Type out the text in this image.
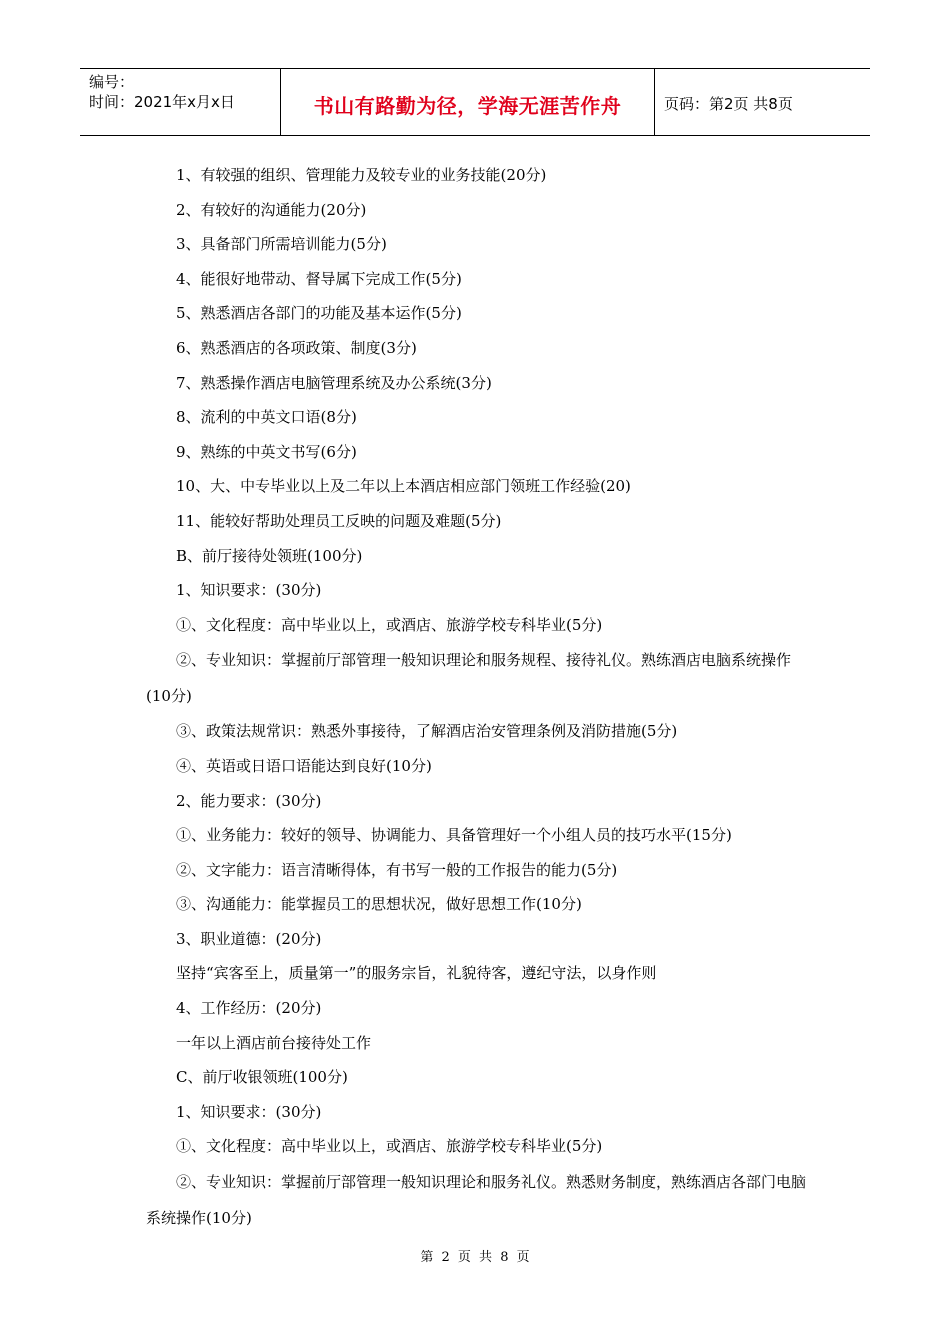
编号：
时间：2021年x月x日	书山有路勤为径，学海无涯苦作舟	页码：第2页 共8页
1、有较强的组织、管理能力及较专业的业务技能(20分)
2、有较好的沟通能力(20分)
3、具备部门所需培训能力(5分)
4、能很好地带动、督导属下完成工作(5分)
5、熟悉酒店各部门的功能及基本运作(5分)
6、熟悉酒店的各项政策、制度(3分)
7、熟悉操作酒店电脑管理系统及办公系统(3分)
8、流利的中英文口语(8分)
9、熟练的中英文书写(6分)
10、大、中专毕业以上及二年以上本酒店相应部门领班工作经验(20)
11、能较好帮助处理员工反映的问题及难题(5分)
B、前厅接待处领班(100分)
1、知识要求：(30分)
①、文化程度：高中毕业以上，或酒店、旅游学校专科毕业(5分)
②、专业知识：掌握前厅部管理一般知识理论和服务规程、接待礼仪。熟练酒店电脑系统操作(10分)
③、政策法规常识：熟悉外事接待，了解酒店治安管理条例及消防措施(5分)
④、英语或日语口语能达到良好(10分)
2、能力要求：(30分)
①、业务能力：较好的领导、协调能力、具备管理好一个小组人员的技巧水平(15分)
②、文字能力：语言清晰得体，有书写一般的工作报告的能力(5分)
③、沟通能力：能掌握员工的思想状况，做好思想工作(10分)
3、职业道德：(20分)
坚持“宾客至上，质量第一”的服务宗旨，礼貌待客，遵纪守法，以身作则
4、工作经历：(20分)
一年以上酒店前台接待处工作
C、前厅收银领班(100分)
1、知识要求：(30分)
①、文化程度：高中毕业以上，或酒店、旅游学校专科毕业(5分)
②、专业知识：掌握前厅部管理一般知识理论和服务礼仪。熟悉财务制度，熟练酒店各部门电脑系统操作(10分)
第 2 页 共 8 页
